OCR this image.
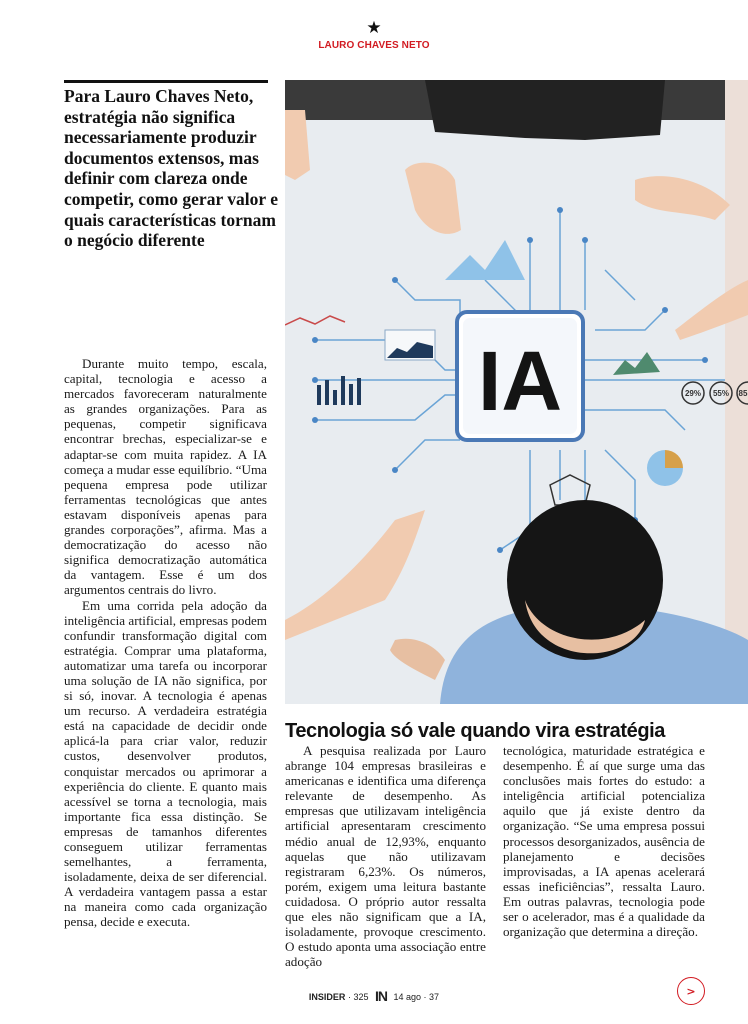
★
LAURO CHAVES NETO
Para Lauro Chaves Neto, estratégia não significa necessariamente produzir documentos extensos, mas definir com clareza onde competir, como gerar valor e quais características tornam o negócio diferente

Durante muito tempo, escala, capital, tecnologia e acesso a mercados favoreceram naturalmente as grandes organizações. Para as pequenas, competir significava encontrar brechas, especializar-se e adaptar-se com muita rapidez. A IA começa a mudar esse equilíbrio. “Uma pequena empresa pode utilizar ferramentas tecnológicas que antes estavam disponíveis apenas para grandes corporações”, afirma. Mas a democratização do acesso não significa democratização automática da vantagem. Esse é um dos argumentos centrais do livro.

Em uma corrida pela adoção da inteligência artificial, empresas podem confundir transformação digital com estratégia. Comprar uma plataforma, automatizar uma tarefa ou incorporar uma solução de IA não significa, por si só, inovar. A tecnologia é apenas um recurso. A verdadeira estratégia está na capacidade de decidir onde aplicá-la para criar valor, reduzir custos, desenvolver produtos, conquistar mercados ou aprimorar a experiência do cliente. E quanto mais acessível se torna a tecnologia, mais importante fica essa distinção. Se empresas de tamanhos diferentes conseguem utilizar ferramentas semelhantes, a ferramenta, isoladamente, deixa de ser diferencial. A verdadeira vantagem passa a estar na maneira como cada organização pensa, decide e executa.

29% 55% 85
IA
Tecnologia só vale quando vira estratégia

A pesquisa realizada por Lauro abrange 104 empresas brasileiras e americanas e identifica uma diferença relevante de desempenho. As empresas que utilizavam inteligência artificial apresentaram crescimento médio anual de 12,93%, enquanto aquelas que não utilizavam registraram 6,23%. Os números, porém, exigem uma leitura bastante cuidadosa. O próprio autor ressalta que eles não significam que a IA, isoladamente, provoque crescimento. O estudo aponta uma associação entre adoção

tecnológica, maturidade estratégica e desempenho. É aí que surge uma das conclusões mais fortes do estudo: a inteligência artificial potencializa aquilo que já existe dentro da organização. “Se uma empresa possui processos desorganizados, ausência de planejamento e decisões improvisadas, a IA apenas acelerará essas ineficiências”, ressalta Lauro. Em outras palavras, tecnologia pode ser o acelerador, mas é a qualidade da organização que determina a direção.

INSIDER · 325 IN 14 ago · 37	>
